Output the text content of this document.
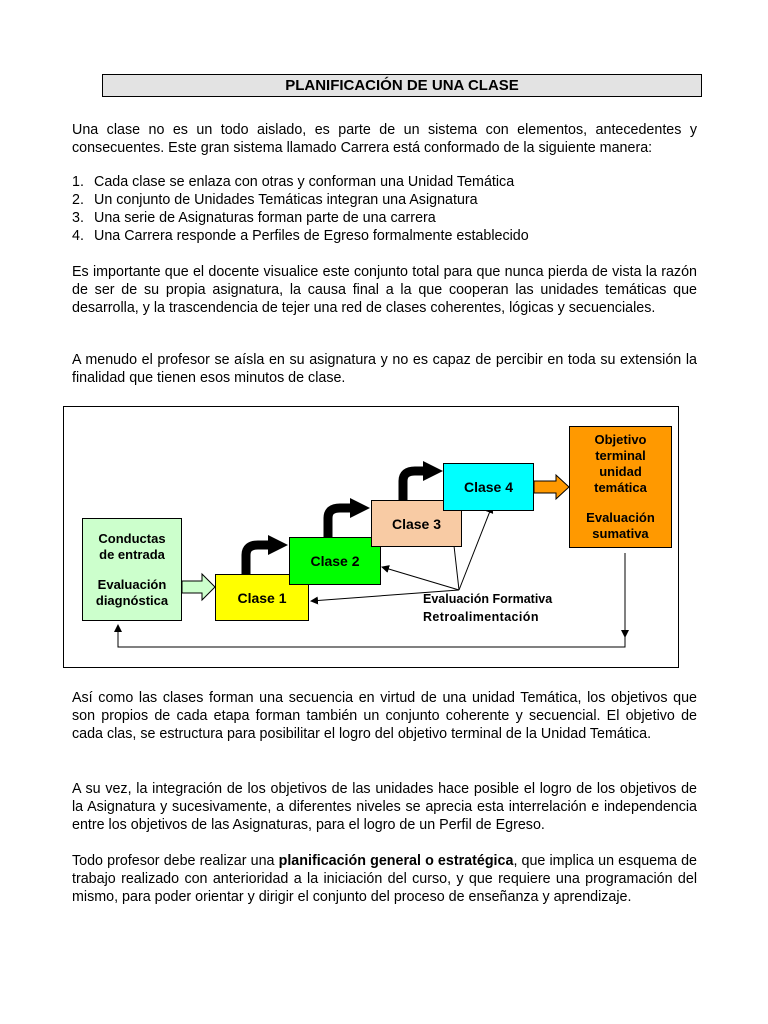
PLANIFICACIÓN DE UNA CLASE

Una clase no es un todo aislado, es parte de un sistema con elementos, antecedentes y consecuentes. Este gran sistema llamado Carrera está conformado de la siguiente manera:

1. Cada clase se enlaza con otras y conforman una Unidad Temática
2. Un conjunto de Unidades Temáticas integran una Asignatura
3. Una serie de Asignaturas forman parte de una carrera
4. Una Carrera responde a Perfiles de Egreso formalmente establecido

Es importante que el docente visualice este conjunto total para que nunca pierda de vista la razón de ser de su propia asignatura, la causa final a la que cooperan las unidades temáticas que desarrolla, y la trascendencia de tejer una red de clases coherentes, lógicas y secuenciales.

A menudo el profesor se aísla en su asignatura y no es capaz de percibir en toda su extensión la finalidad que tienen esos minutos de clase.

Conductas
de entrada
Evaluación
diagnóstica	Clase 1
Clase 2
Clase 3
Clase 4
Objetivo
terminal
unidad
temática
Evaluación
sumativa
Evaluación Formativa
Retroalimentación

Así como las clases forman una secuencia en virtud de una unidad Temática, los objetivos que son propios de cada etapa forman también un conjunto coherente y secuencial. El objetivo de cada clas, se estructura para posibilitar el logro del objetivo terminal de la Unidad Temática.

A su vez, la integración de los objetivos de las unidades hace posible el logro de los objetivos de la Asignatura y sucesivamente, a diferentes niveles se aprecia esta interrelación e independencia entre los objetivos de las Asignaturas, para el logro de un Perfil de Egreso.

Todo profesor debe realizar una planificación general o estratégica, que implica un esquema de trabajo realizado con anterioridad a la iniciación del curso, y que requiere una programación del mismo, para poder orientar y dirigir el conjunto del proceso de enseñanza y aprendizaje.
